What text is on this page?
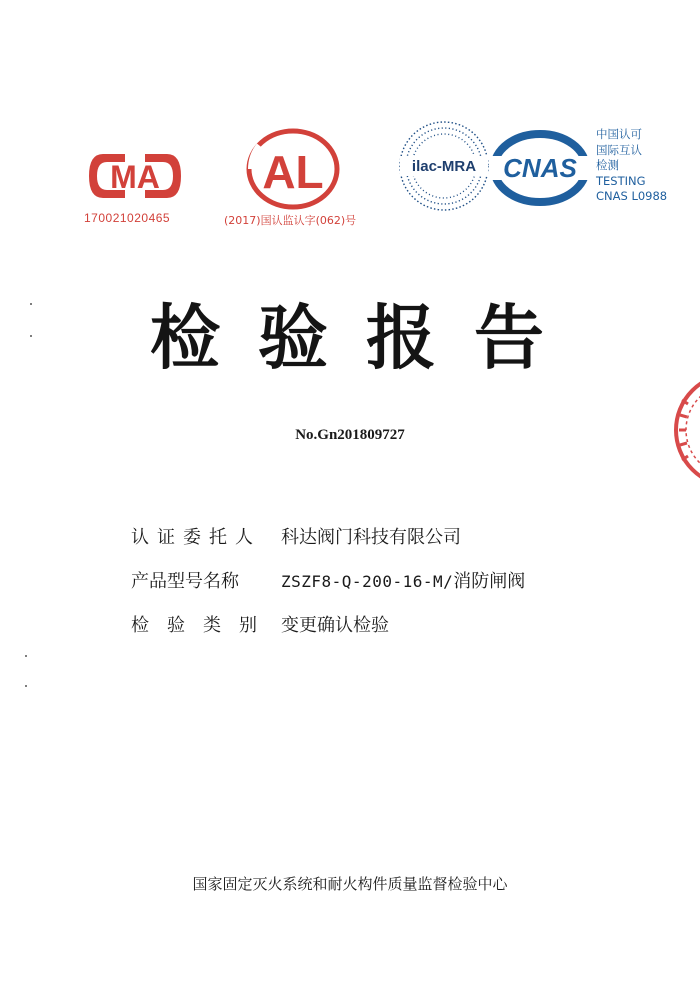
MA
170021020465
AL
(2017)国认监认字(062)号
ilac-MRA CNAS
中国认可
国际互认
检测
TESTING
CNAS L0988
检验报告
No.Gn201809727
认证委托人 科达阀门科技有限公司
产品型号名称	ZSZF8-Q-200-16-M/消防闸阀
检验类别 变更确认检验
国家固定灭火系统和耐火构件质量监督检验中心
